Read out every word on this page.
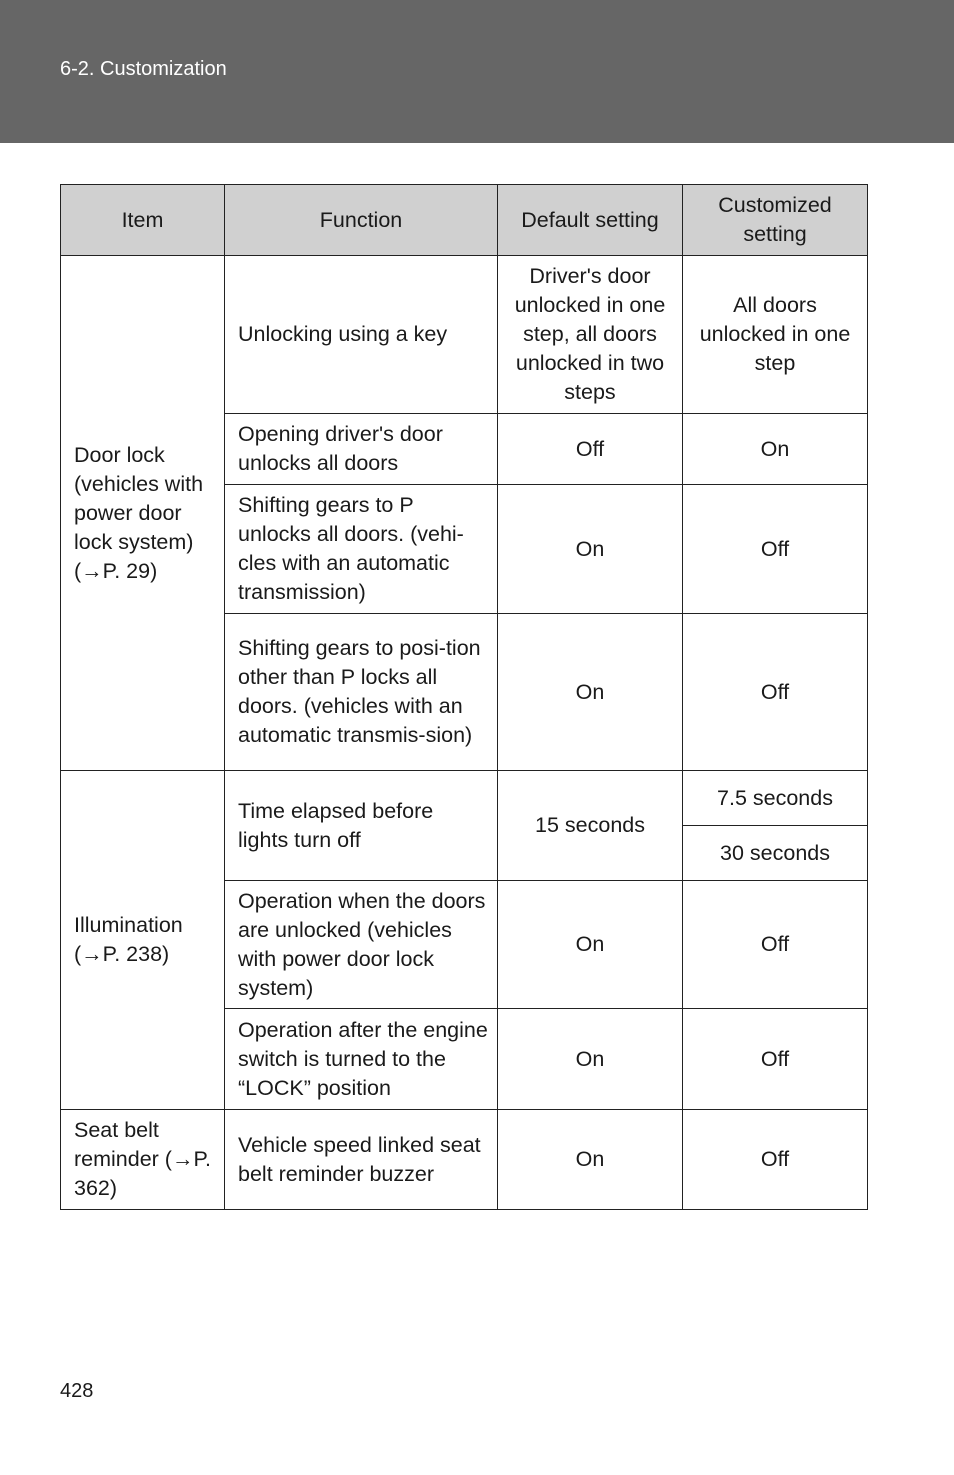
6-2. Customization
Item	Function	Default setting	Customized setting
Door lock (vehicles with power door lock system) (→P. 29)	Unlocking using a key	Driver's door unlocked in one step, all doors unlocked in two steps	All doors unlocked in one step
	Opening driver's door unlocks all doors	Off	On
	Shifting gears to P unlocks all doors. (vehi-cles with an automatic transmission)	On	Off
	Shifting gears to posi-tion other than P locks all doors. (vehicles with an automatic transmis-sion)	On	Off
Illumination (→P. 238)	Time elapsed before lights turn off	15 seconds	7.5 seconds
			30 seconds
	Operation when the doors are unlocked (vehicles with power door lock system)	On	Off
	Operation after the engine switch is turned to the “LOCK” position	On	Off
Seat belt reminder (→P. 362)	Vehicle speed linked seat belt reminder buzzer	On	Off
428
